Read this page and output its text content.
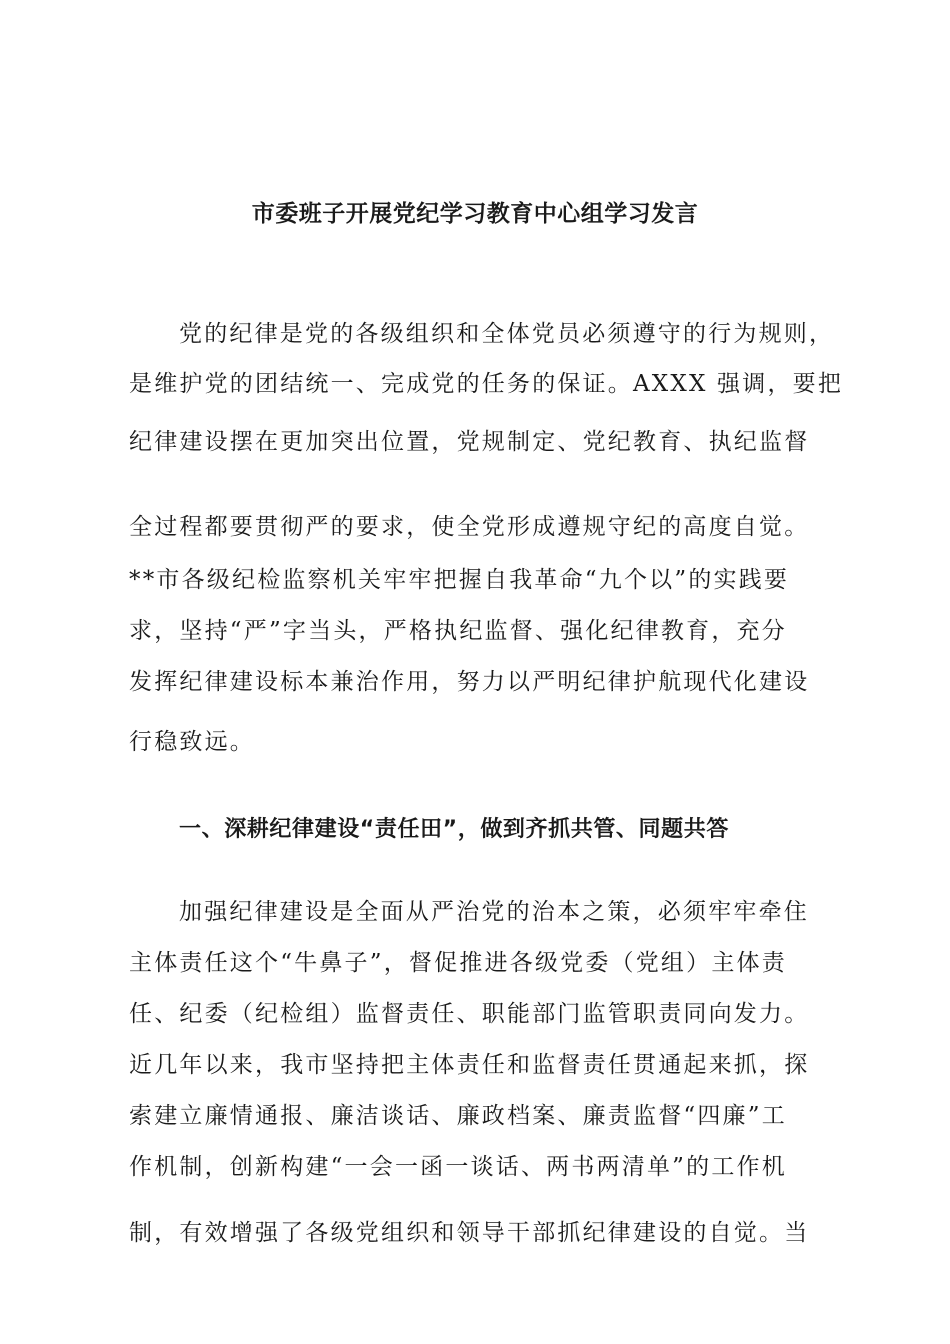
市委班子开展党纪学习教育中心组学习发言
党的纪律是党的各级组织和全体党员必须遵守的行为规则，
是维护党的团结统一、完成党的任务的保证。AXXX 强调，要把
纪律建设摆在更加突出位置，党规制定、党纪教育、执纪监督
全过程都要贯彻严的要求，使全党形成遵规守纪的高度自觉。
**市各级纪检监察机关牢牢把握自我革命“九个以”的实践要
求，坚持“严”字当头，严格执纪监督、强化纪律教育，充分
发挥纪律建设标本兼治作用，努力以严明纪律护航现代化建设
行稳致远。
一、深耕纪律建设“责任田”，做到齐抓共管、同题共答
加强纪律建设是全面从严治党的治本之策，必须牢牢牵住
主体责任这个“牛鼻子”，督促推进各级党委（党组）主体责
任、纪委（纪检组）监督责任、职能部门监管职责同向发力。
近几年以来，我市坚持把主体责任和监督责任贯通起来抓，探
索建立廉情通报、廉洁谈话、廉政档案、廉责监督“四廉”工
作机制，创新构建“一会一函一谈话、两书两清单”的工作机
制，有效增强了各级党组织和领导干部抓纪律建设的自觉。当
